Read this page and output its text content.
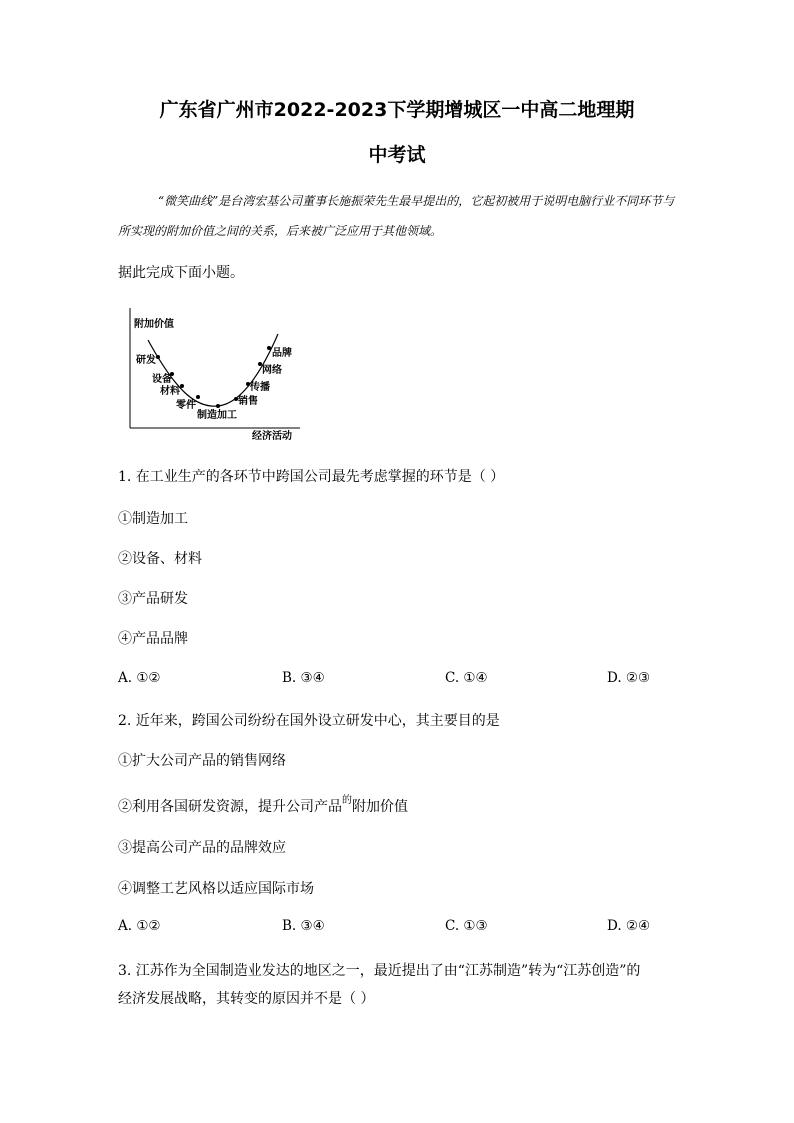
广东省广州市2022-2023下学期增城区一中高二地理期
中考试
“微笑曲线”是台湾宏基公司董事长施振荣先生最早提出的，它起初被用于说明电脑行业不同环节与所实现的附加价值之间的关系，后来被广泛应用于其他领域。
据此完成下面小题。
附加价值
经济活动
研发
设备
材料
零件
制造加工
销售
传播
网络
品牌
1. 在工业生产的各环节中跨国公司最先考虑掌握的环节是（ ）
①制造加工
②设备、材料
③产品研发
④产品品牌
A. ①②	B. ③④	C. ①④	D. ②③
2. 近年来，跨国公司纷纷在国外设立研发中心，其主要目的是
①扩大公司产品的销售网络
②利用各国研发资源，提升公司产品$^的$附加价值
③提高公司产品的品牌效应
④调整工艺风格以适应国际市场
A. ①②	B. ③④	C. ①③	D. ②④
3. 江苏作为全国制造业发达的地区之一，最近提出了由“江苏制造”转为“江苏创造”的
经济发展战略，其转变的原因并不是（ ）
